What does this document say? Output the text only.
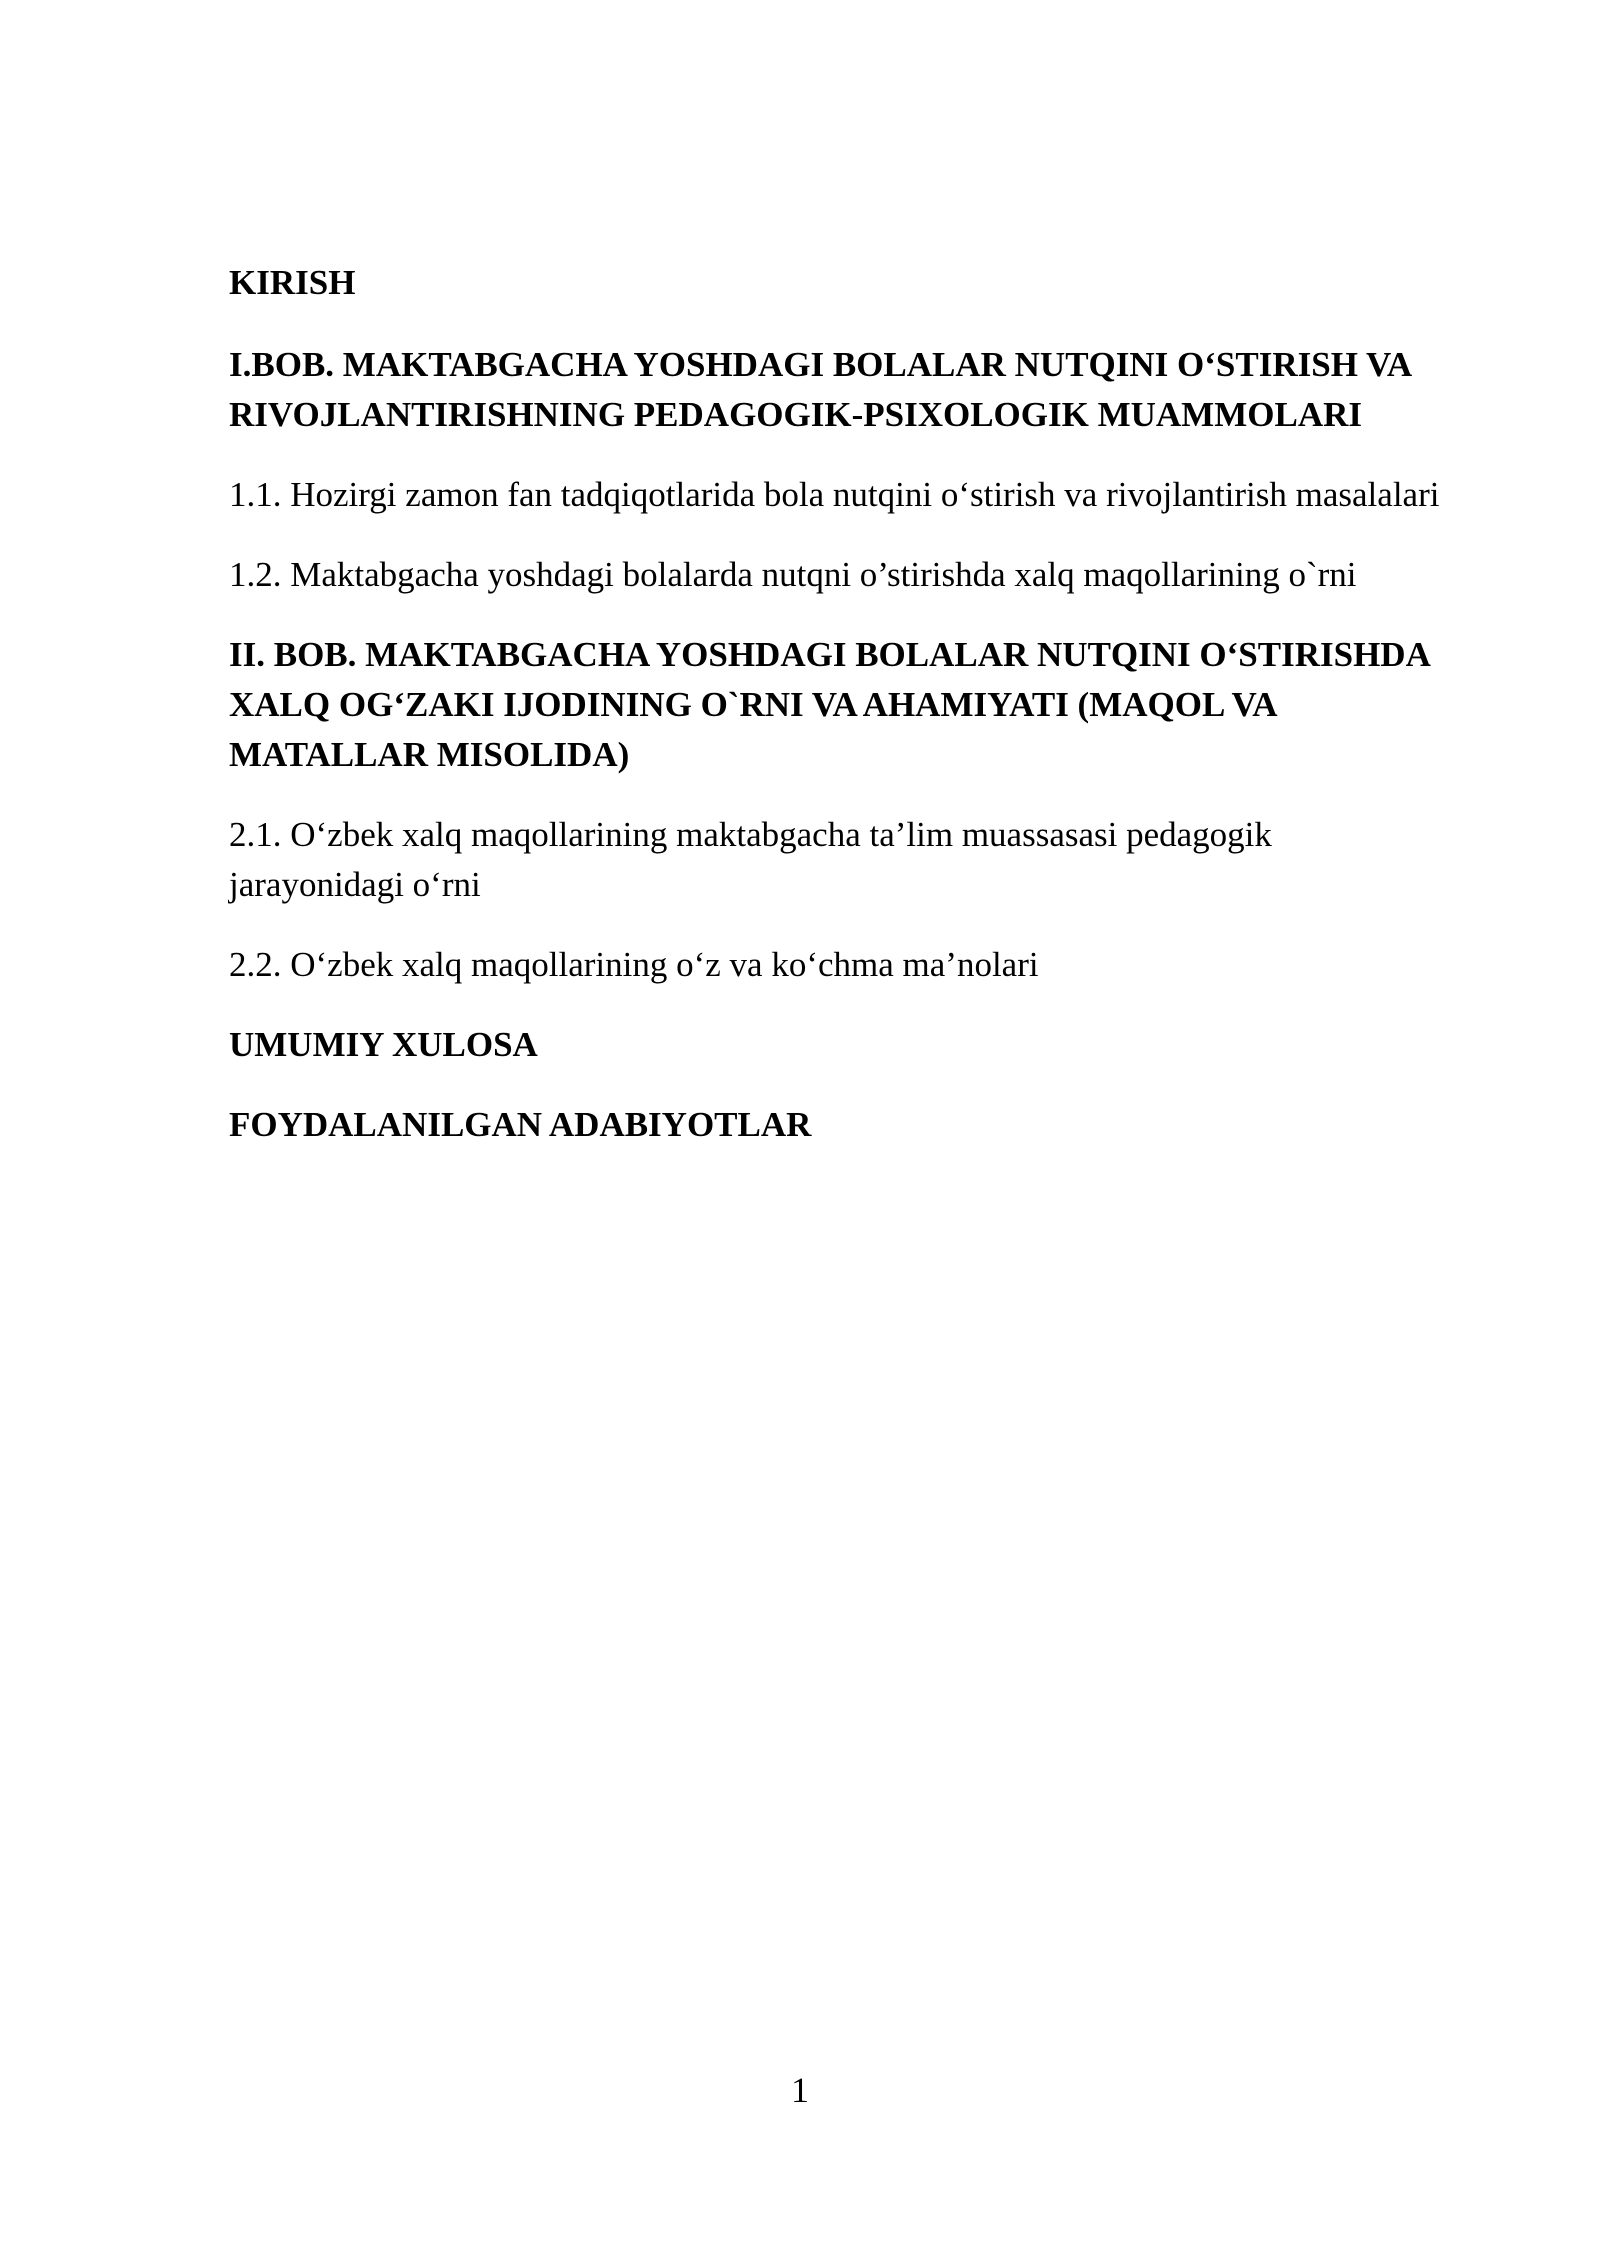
KIRISH

I.BOB. MAKTABGACHA YOSHDAGI BOLALAR NUTQINI O‘STIRISH VA RIVOJLANTIRISHNING PEDAGOGIK-PSIXOLOGIK MUAMMOLARI

1.1. Hozirgi zamon fan tadqiqotlarida bola nutqini o‘stirish va rivojlantirish masalalari

1.2. Maktabgacha yoshdagi bolalarda nutqni o’stirishda xalq maqollarining o`rni

II. BOB. MAKTABGACHA YOSHDAGI BOLALAR NUTQINI O‘STIRISHDA XALQ OG‘ZAKI IJODINING O`RNI VA AHAMIYATI (MAQOL VA MATALLAR MISOLIDA)

2.1. O‘zbek xalq maqollarining maktabgacha ta’lim muassasasi pedagogik jarayonidagi o‘rni

2.2. O‘zbek xalq maqollarining o‘z va ko‘chma ma’nolari

UMUMIY XULOSA

FOYDALANILGAN ADABIYOTLAR

1
